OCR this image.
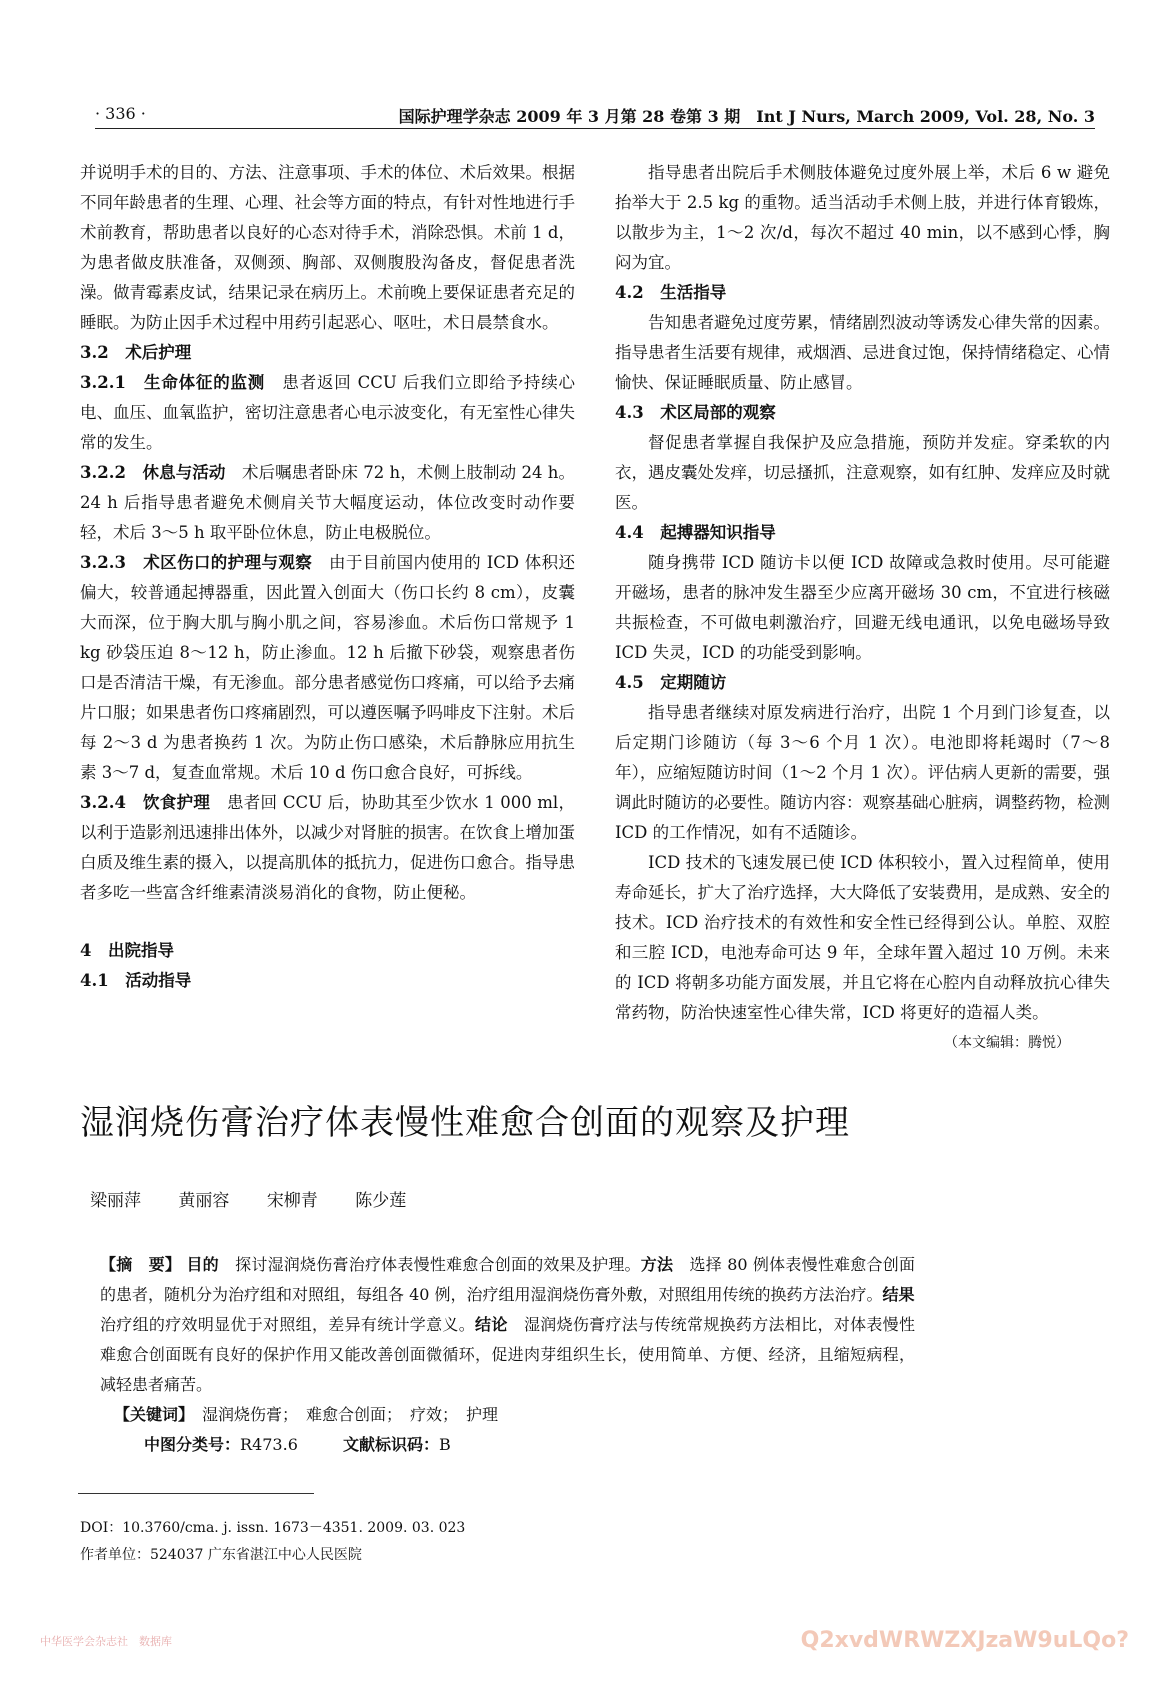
· 336 ·	国际护理学杂志 2009 年 3 月第 28 卷第 3 期　Int J Nurs, March 2009, Vol. 28, No. 3

并说明手术的目的、方法、注意事项、手术的体位、术后效果。根据不同年龄患者的生理、心理、社会等方面的特点，有针对性地进行手术前教育，帮助患者以良好的心态对待手术，消除恐惧。术前 1 d，为患者做皮肤准备，双侧颈、胸部、双侧腹股沟备皮，督促患者洗澡。做青霉素皮试，结果记录在病历上。术前晚上要保证患者充足的睡眠。为防止因手术过程中用药引起恶心、呕吐，术日晨禁食水。

3.2　术后护理

3.2.1　生命体征的监测　患者返回 CCU 后我们立即给予持续心电、血压、血氧监护，密切注意患者心电示波变化，有无室性心律失常的发生。

3.2.2　休息与活动　术后嘱患者卧床 72 h，术侧上肢制动 24 h。24 h 后指导患者避免术侧肩关节大幅度运动，体位改变时动作要轻，术后 3～5 h 取平卧位休息，防止电极脱位。

3.2.3　术区伤口的护理与观察　由于目前国内使用的 ICD 体积还偏大，较普通起搏器重，因此置入创面大（伤口长约 8 cm），皮囊大而深，位于胸大肌与胸小肌之间，容易渗血。术后伤口常规予 1 kg 砂袋压迫 8～12 h，防止渗血。12 h 后撤下砂袋，观察患者伤口是否清洁干燥，有无渗血。部分患者感觉伤口疼痛，可以给予去痛片口服；如果患者伤口疼痛剧烈，可以遵医嘱予吗啡皮下注射。术后每 2～3 d 为患者换药 1 次。为防止伤口感染，术后静脉应用抗生素 3～7 d，复查血常规。术后 10 d 伤口愈合良好，可拆线。

3.2.4　饮食护理　患者回 CCU 后，协助其至少饮水 1 000 ml，以利于造影剂迅速排出体外，以减少对肾脏的损害。在饮食上增加蛋白质及维生素的摄入，以提高肌体的抵抗力，促进伤口愈合。指导患者多吃一些富含纤维素清淡易消化的食物，防止便秘。

4　出院指导

4.1　活动指导

指导患者出院后手术侧肢体避免过度外展上举，术后 6 w 避免抬举大于 2.5 kg 的重物。适当活动手术侧上肢，并进行体育锻炼，以散步为主，1～2 次/d，每次不超过 40 min，以不感到心悸，胸闷为宜。

4.2　生活指导

告知患者避免过度劳累，情绪剧烈波动等诱发心律失常的因素。指导患者生活要有规律，戒烟酒、忌进食过饱，保持情绪稳定、心情愉快、保证睡眠质量、防止感冒。

4.3　术区局部的观察

督促患者掌握自我保护及应急措施，预防并发症。穿柔软的内衣，遇皮囊处发痒，切忌搔抓，注意观察，如有红肿、发痒应及时就医。

4.4　起搏器知识指导

随身携带 ICD 随访卡以便 ICD 故障或急救时使用。尽可能避开磁场，患者的脉冲发生器至少应离开磁场 30 cm，不宜进行核磁共振检查，不可做电刺激治疗，回避无线电通讯，以免电磁场导致 ICD 失灵，ICD 的功能受到影响。

4.5　定期随访

指导患者继续对原发病进行治疗，出院 1 个月到门诊复查，以后定期门诊随访（每 3～6 个月 1 次）。电池即将耗竭时（7～8 年），应缩短随访时间（1～2 个月 1 次）。评估病人更新的需要，强调此时随访的必要性。随访内容：观察基础心脏病，调整药物，检测 ICD 的工作情况，如有不适随诊。

ICD 技术的飞速发展已使 ICD 体积较小，置入过程简单，使用寿命延长，扩大了治疗选择，大大降低了安装费用，是成熟、安全的技术。ICD 治疗技术的有效性和安全性已经得到公认。单腔、双腔和三腔 ICD，电池寿命可达 9 年，全球年置入超过 10 万例。未来的 ICD 将朝多功能方面发展，并且它将在心腔内自动释放抗心律失常药物，防治快速室性心律失常，ICD 将更好的造福人类。

（本文编辑：腾悦）

湿润烧伤膏治疗体表慢性难愈合创面的观察及护理
梁丽萍 黄丽容 宋柳青 陈少莲

【摘　要】 目的　探讨湿润烧伤膏治疗体表慢性难愈合创面的效果及护理。方法　选择 80 例体表慢性难愈合创面的患者，随机分为治疗组和对照组，每组各 40 例，治疗组用湿润烧伤膏外敷，对照组用传统的换药方法治疗。结果　治疗组的疗效明显优于对照组，差异有统计学意义。结论　湿润烧伤膏疗法与传统常规换药方法相比，对体表慢性难愈合创面既有良好的保护作用又能改善创面微循环，促进肉芽组织生长，使用简单、方便、经济，且缩短病程，减轻患者痛苦。

【关键词】　湿润烧伤膏；　难愈合创面；　疗效；　护理

中图分类号：R473.6	文献标识码：B

DOI：10.3760/cma. j. issn. 1673－4351. 2009. 03. 023

作者单位：524037 广东省湛江中心人民医院

中华医学会杂志社　数据库	Q2xvdWRWZXJzaW9uLQo?
